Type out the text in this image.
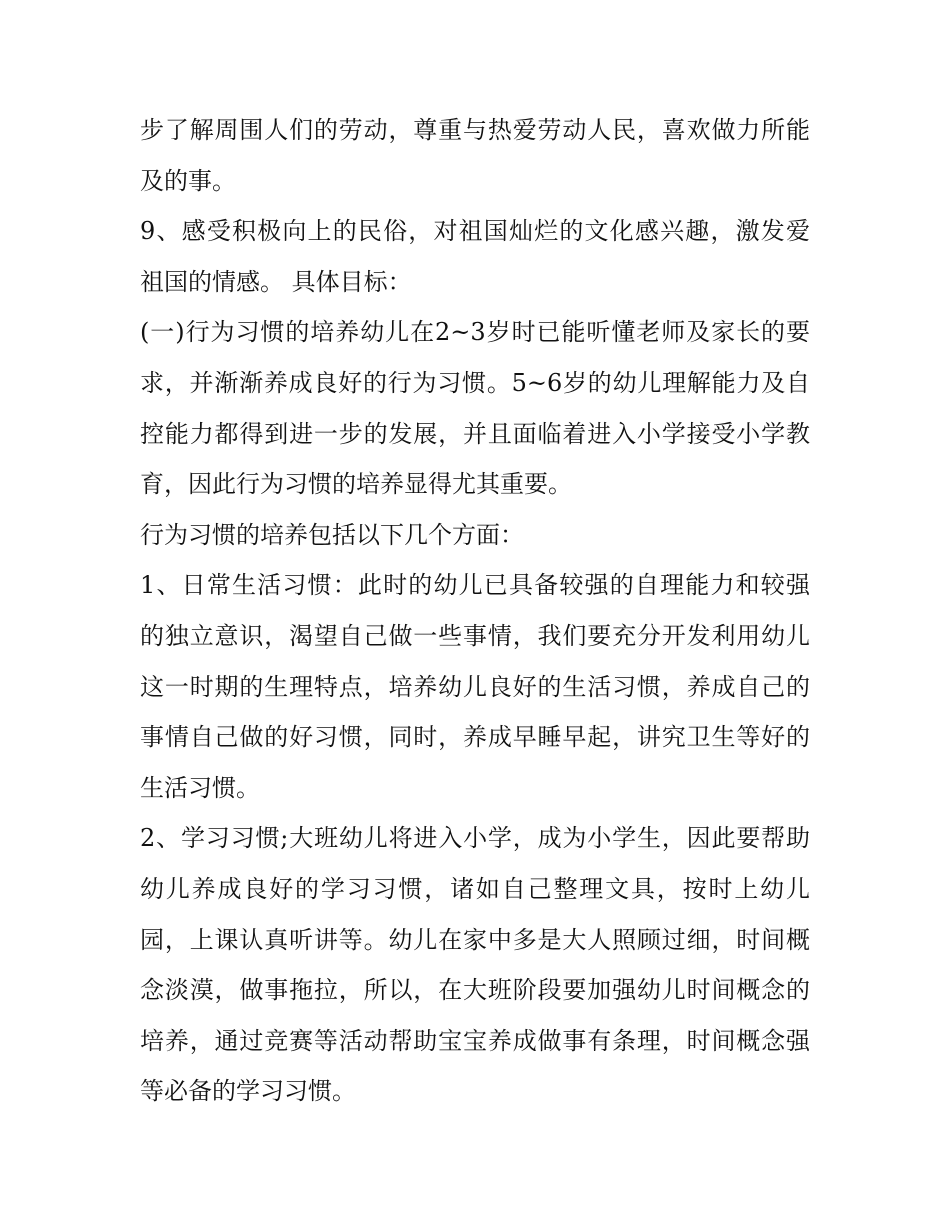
步了解周围人们的劳动，尊重与热爱劳动人民，喜欢做力所能
及的事。
9、感受积极向上的民俗，对祖国灿烂的文化感兴趣，激发爱
祖国的情感。 具体目标：
(一)行为习惯的培养幼儿在2~3岁时已能听懂老师及家长的要
求，并渐渐养成良好的行为习惯。5~6岁的幼儿理解能力及自
控能力都得到进一步的发展，并且面临着进入小学接受小学教
育，因此行为习惯的培养显得尤其重要。
行为习惯的培养包括以下几个方面：
1、日常生活习惯：此时的幼儿已具备较强的自理能力和较强
的独立意识，渴望自己做一些事情，我们要充分开发利用幼儿
这一时期的生理特点，培养幼儿良好的生活习惯，养成自己的
事情自己做的好习惯，同时，养成早睡早起，讲究卫生等好的
生活习惯。
2、学习习惯;大班幼儿将进入小学，成为小学生，因此要帮助
幼儿养成良好的学习习惯，诸如自己整理文具，按时上幼儿
园，上课认真听讲等。幼儿在家中多是大人照顾过细，时间概
念淡漠，做事拖拉，所以，在大班阶段要加强幼儿时间概念的
培养，通过竞赛等活动帮助宝宝养成做事有条理，时间概念强
等必备的学习习惯。
